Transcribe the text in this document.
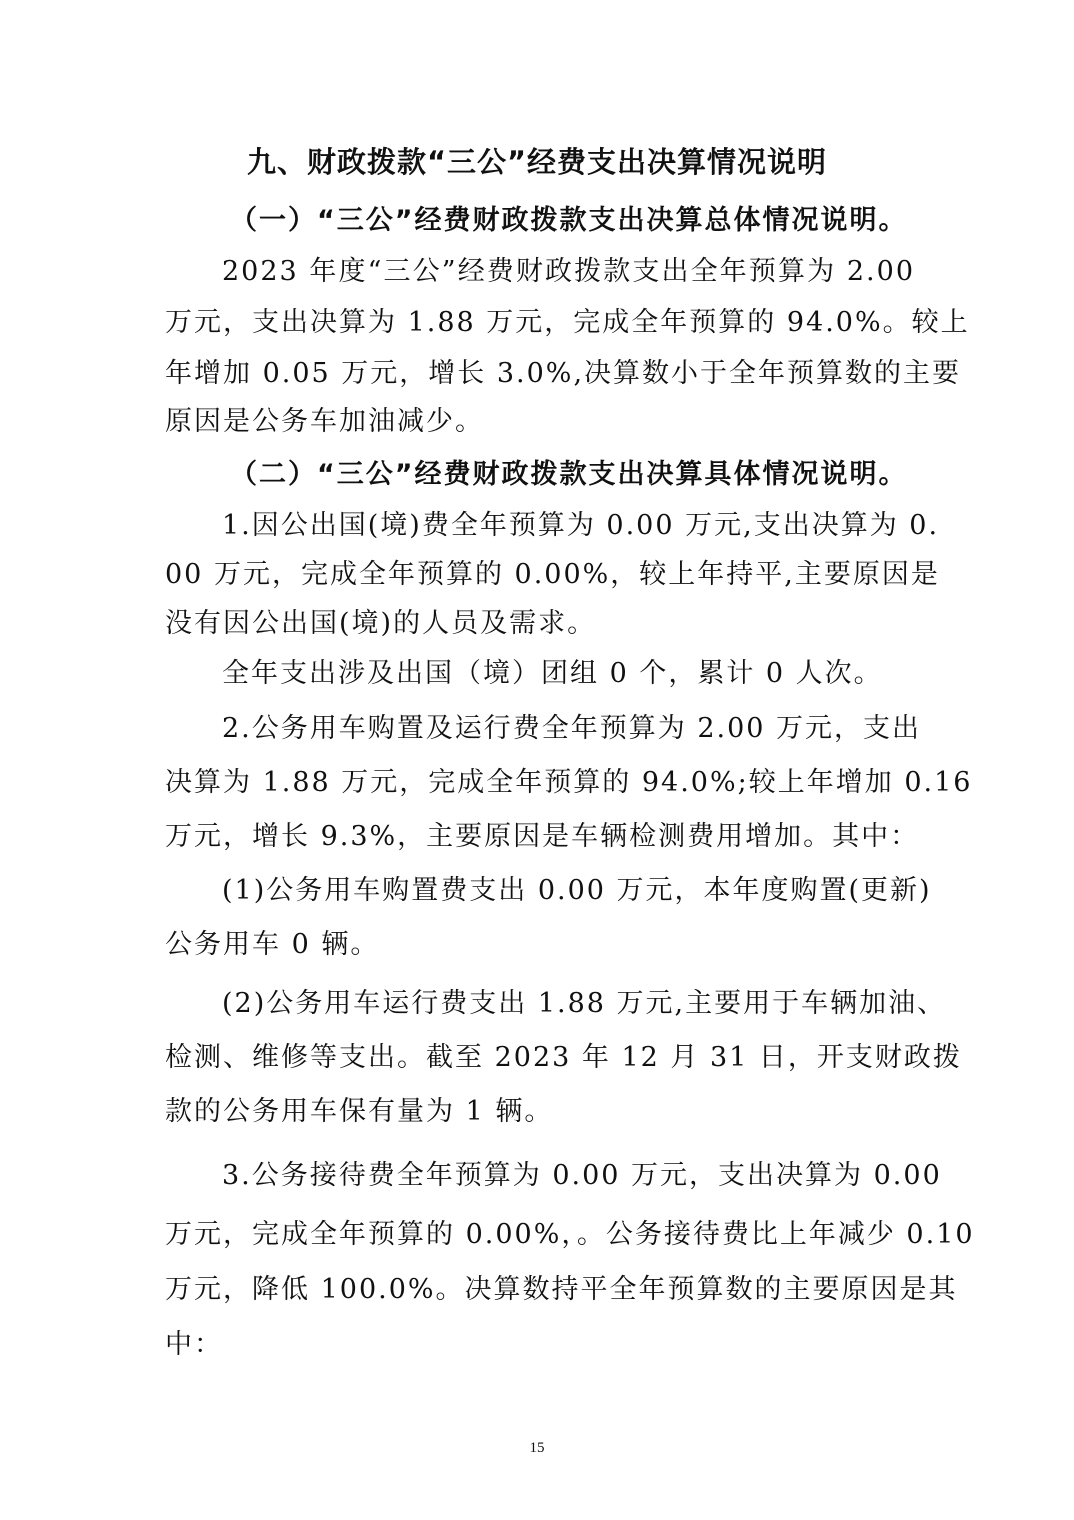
九、财政拨款“三公”经费支出决算情况说明
（一）“三公”经费财政拨款支出决算总体情况说明。
2023 年度“三公”经费财政拨款支出全年预算为 2.00
万元，支出决算为 1.88 万元，完成全年预算的 94.0%。较上
年增加 0.05 万元，增长 3.0%,决算数小于全年预算数的主要
原因是公务车加油减少。
（二）“三公”经费财政拨款支出决算具体情况说明。
1.因公出国(境)费全年预算为 0.00 万元,支出决算为 0.
00 万元，完成全年预算的 0.00%，较上年持平,主要原因是
没有因公出国(境)的人员及需求。
全年支出涉及出国（境）团组 0 个，累计 0 人次。
2.公务用车购置及运行费全年预算为 2.00 万元，支出
决算为 1.88 万元，完成全年预算的 94.0%;较上年增加 0.16
万元，增长 9.3%，主要原因是车辆检测费用增加。其中：
(1)公务用车购置费支出 0.00 万元，本年度购置(更新)
公务用车 0 辆。
(2)公务用车运行费支出 1.88 万元,主要用于车辆加油、
检测、维修等支出。截至 2023 年 12 月 31 日，开支财政拨
款的公务用车保有量为 1 辆。
3.公务接待费全年预算为 0.00 万元，支出决算为 0.00
万元，完成全年预算的 0.00%，。公务接待费比上年减少 0.10
万元，降低 100.0%。决算数持平全年预算数的主要原因是其
中：
15
